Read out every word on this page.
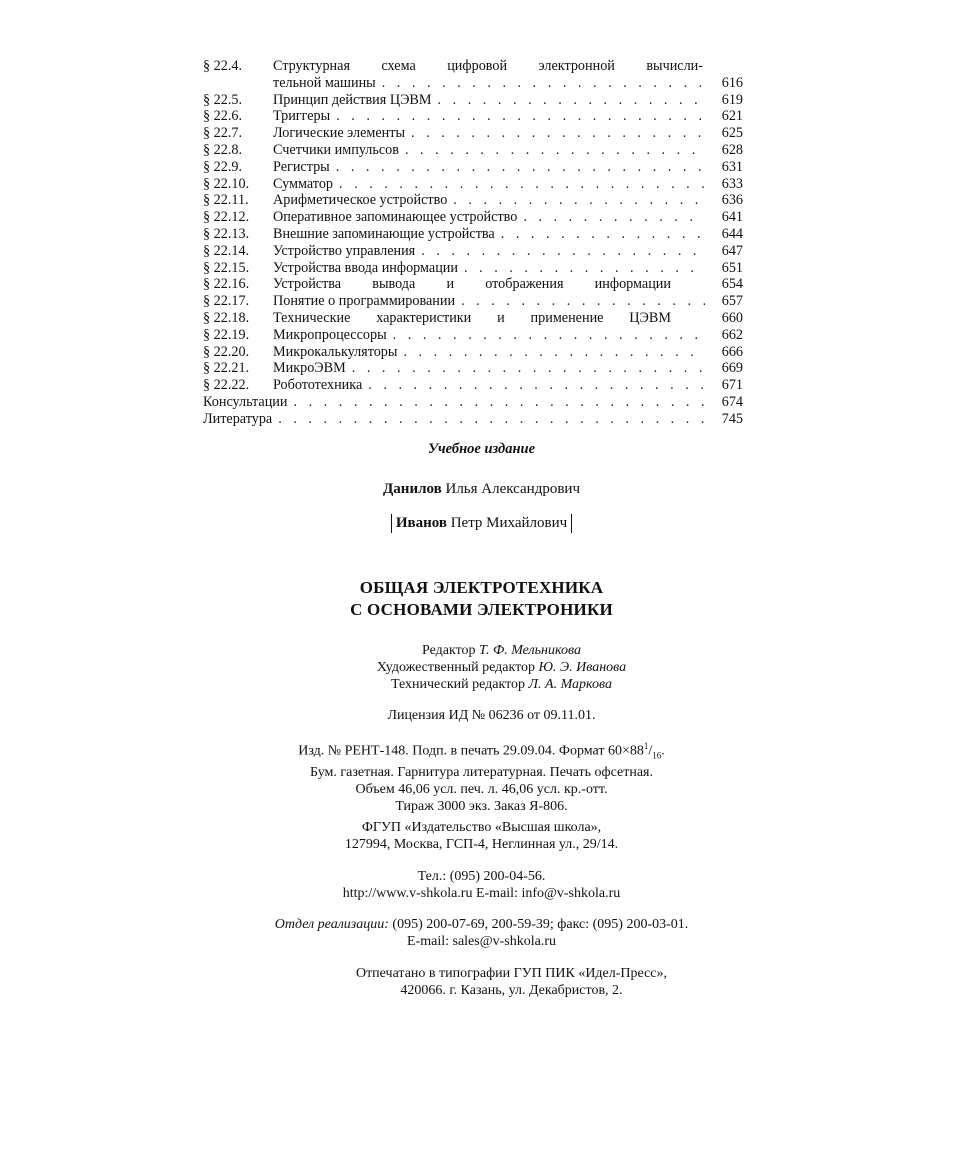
§ 22.4.	Структурная схема цифровой электронной вычисли-
тельной машины . . .	616
§ 22.5.	Принцип действия ЦЭВМ . . .	619
§ 22.6.	Триггеры . . .	621
§ 22.7.	Логические элементы . . .	625
§ 22.8.	Счетчики импульсов . . .	628
§ 22.9.	Регистры . . .	631
§ 22.10.	Сумматор . . .	633
§ 22.11.	Арифметическое устройство . . .	636
§ 22.12.	Оперативное запоминающее устройство . . .	641
§ 22.13.	Внешние запоминающие устройства . . .	644
§ 22.14.	Устройство управления . . .	647
§ 22.15.	Устройства ввода информации . . .	651
§ 22.16.	Устройства вывода и отображения информации	654
§ 22.17.	Понятие о программировании . . .	657
§ 22.18.	Технические характеристики и применение ЦЭВМ	660
§ 22.19.	Микропроцессоры . . .	662
§ 22.20.	Микрокалькуляторы . . .	666
§ 22.21.	МикроЭВМ . . .	669
§ 22.22.	Робототехника . . .	671
Консультации . . .	674
Литература . . .	745
Учебное издание
Данилов Илья Александрович
Иванов Петр Михайлович
ОБЩАЯ ЭЛЕКТРОТЕХНИКА
С ОСНОВАМИ ЭЛЕКТРОНИКИ
Редактор Т. Ф. Мельникова
Художественный редактор Ю. Э. Иванова
Технический редактор Л. А. Маркова
Лицензия ИД № 06236 от 09.11.01.
Изд. № РЕНТ-148. Подп. в печать 29.09.04. Формат $60\times 88^1/_{16}$.
Бум. газетная. Гарнитура литературная. Печать офсетная.
Объем 46,06 усл. печ. л. 46,06 усл. кр.-отт.
Тираж 3000 экз. Заказ Я-806.
ФГУП «Издательство «Высшая школа»,
127994, Москва, ГСП-4, Неглинная ул., 29/14.
Тел.: (095) 200-04-56.
http://www.v-shkola.ru E-mail: info@v-shkola.ru
Отдел реализации: (095) 200-07-69, 200-59-39; факс: (095) 200-03-01.
E-mail: sales@v-shkola.ru
Отпечатано в типографии ГУП ПИК «Идел-Пресс»,
420066. г. Казань, ул. Декабристов, 2.
